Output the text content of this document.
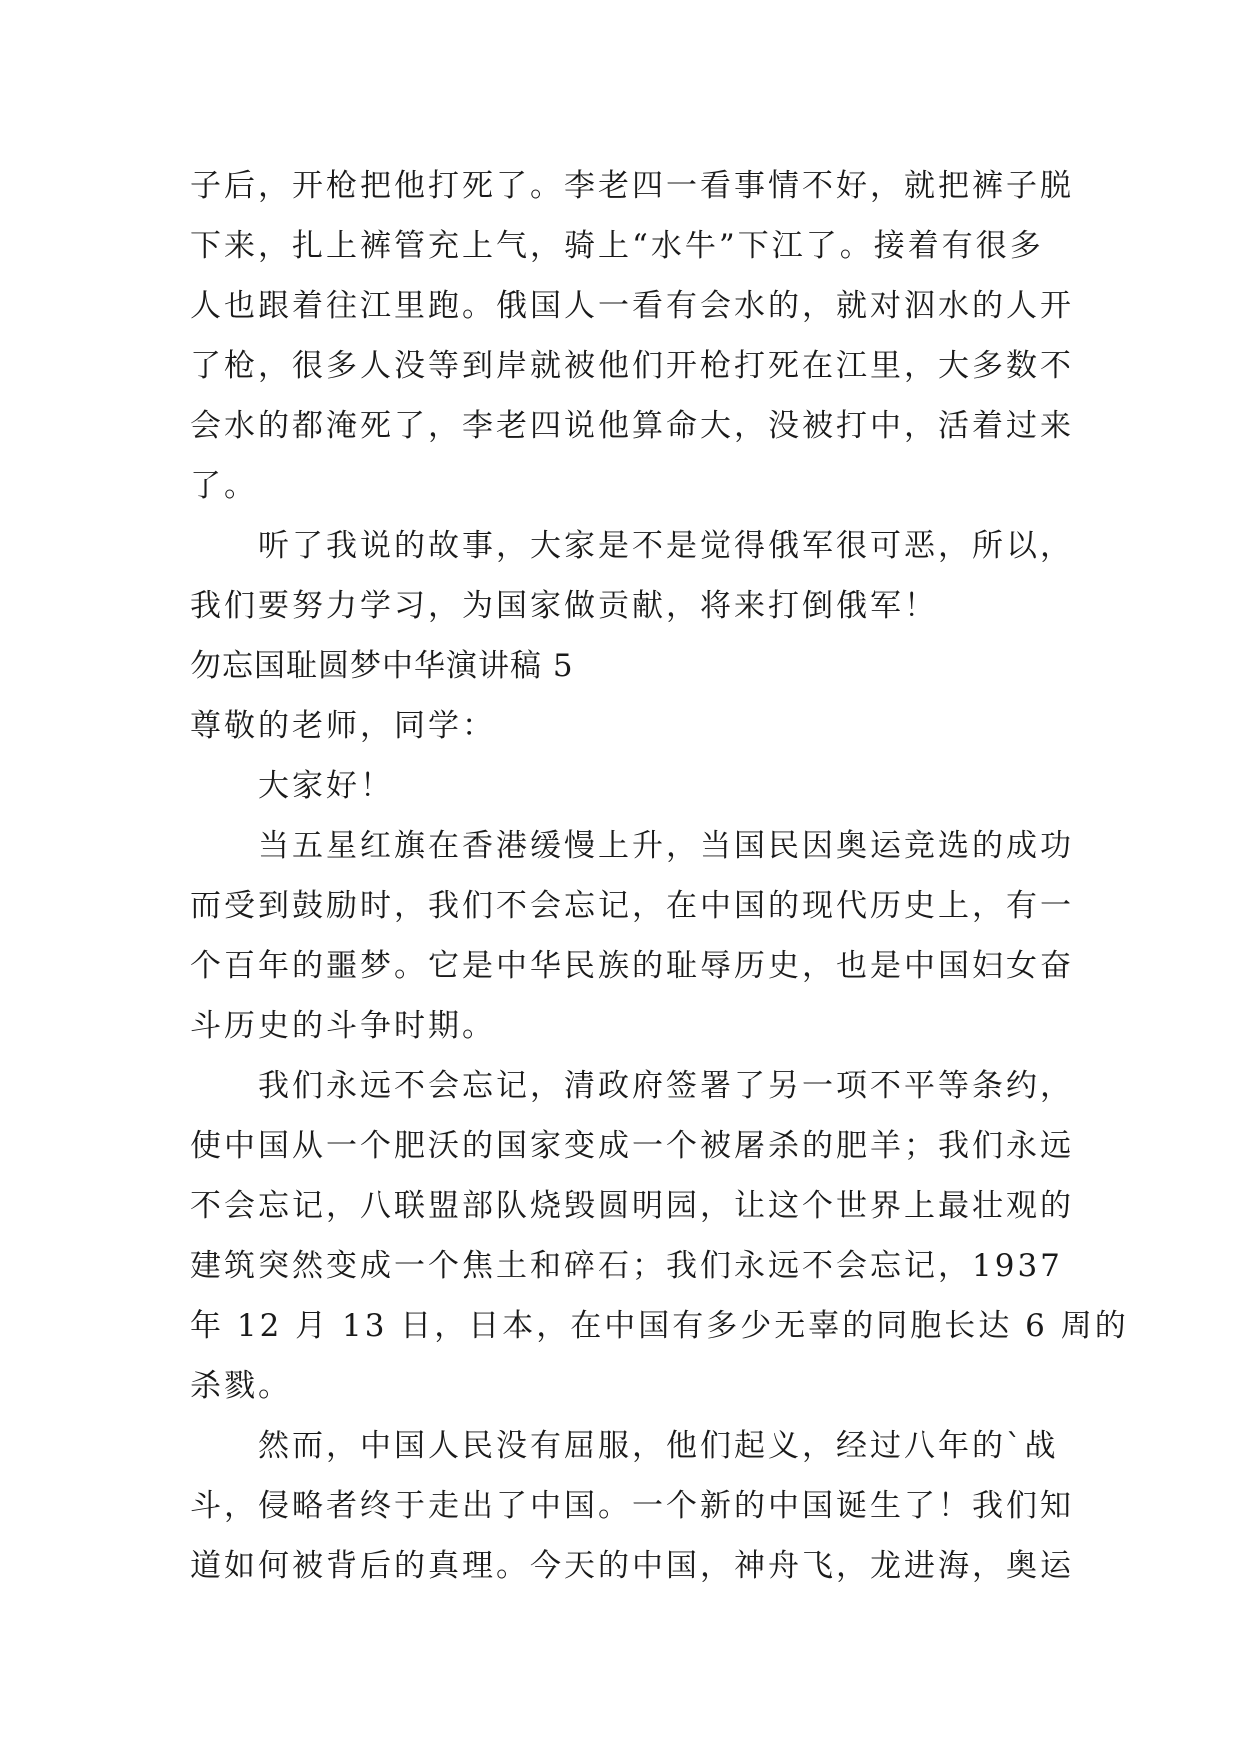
子后，开枪把他打死了。李老四一看事情不好，就把裤子脱
下来，扎上裤管充上气，骑上“水牛”下江了。接着有很多
人也跟着往江里跑。俄国人一看有会水的，就对泅水的人开
了枪，很多人没等到岸就被他们开枪打死在江里，大多数不
会水的都淹死了，李老四说他算命大，没被打中，活着过来
了。
听了我说的故事，大家是不是觉得俄军很可恶，所以，
我们要努力学习，为国家做贡献，将来打倒俄军！
勿忘国耻圆梦中华演讲稿 5
尊敬的老师，同学：
大家好！
当五星红旗在香港缓慢上升，当国民因奥运竞选的成功
而受到鼓励时，我们不会忘记，在中国的现代历史上，有一
个百年的噩梦。它是中华民族的耻辱历史，也是中国妇女奋
斗历史的斗争时期。
我们永远不会忘记，清政府签署了另一项不平等条约，
使中国从一个肥沃的国家变成一个被屠杀的肥羊；我们永远
不会忘记，八联盟部队烧毁圆明园，让这个世界上最壮观的
建筑突然变成一个焦土和碎石；我们永远不会忘记，1937
年 12 月 13 日，日本，在中国有多少无辜的同胞长达 6 周的
杀戮。
然而，中国人民没有屈服，他们起义，经过八年的`战
斗，侵略者终于走出了中国。一个新的中国诞生了！我们知
道如何被背后的真理。今天的中国，神舟飞，龙进海，奥运
